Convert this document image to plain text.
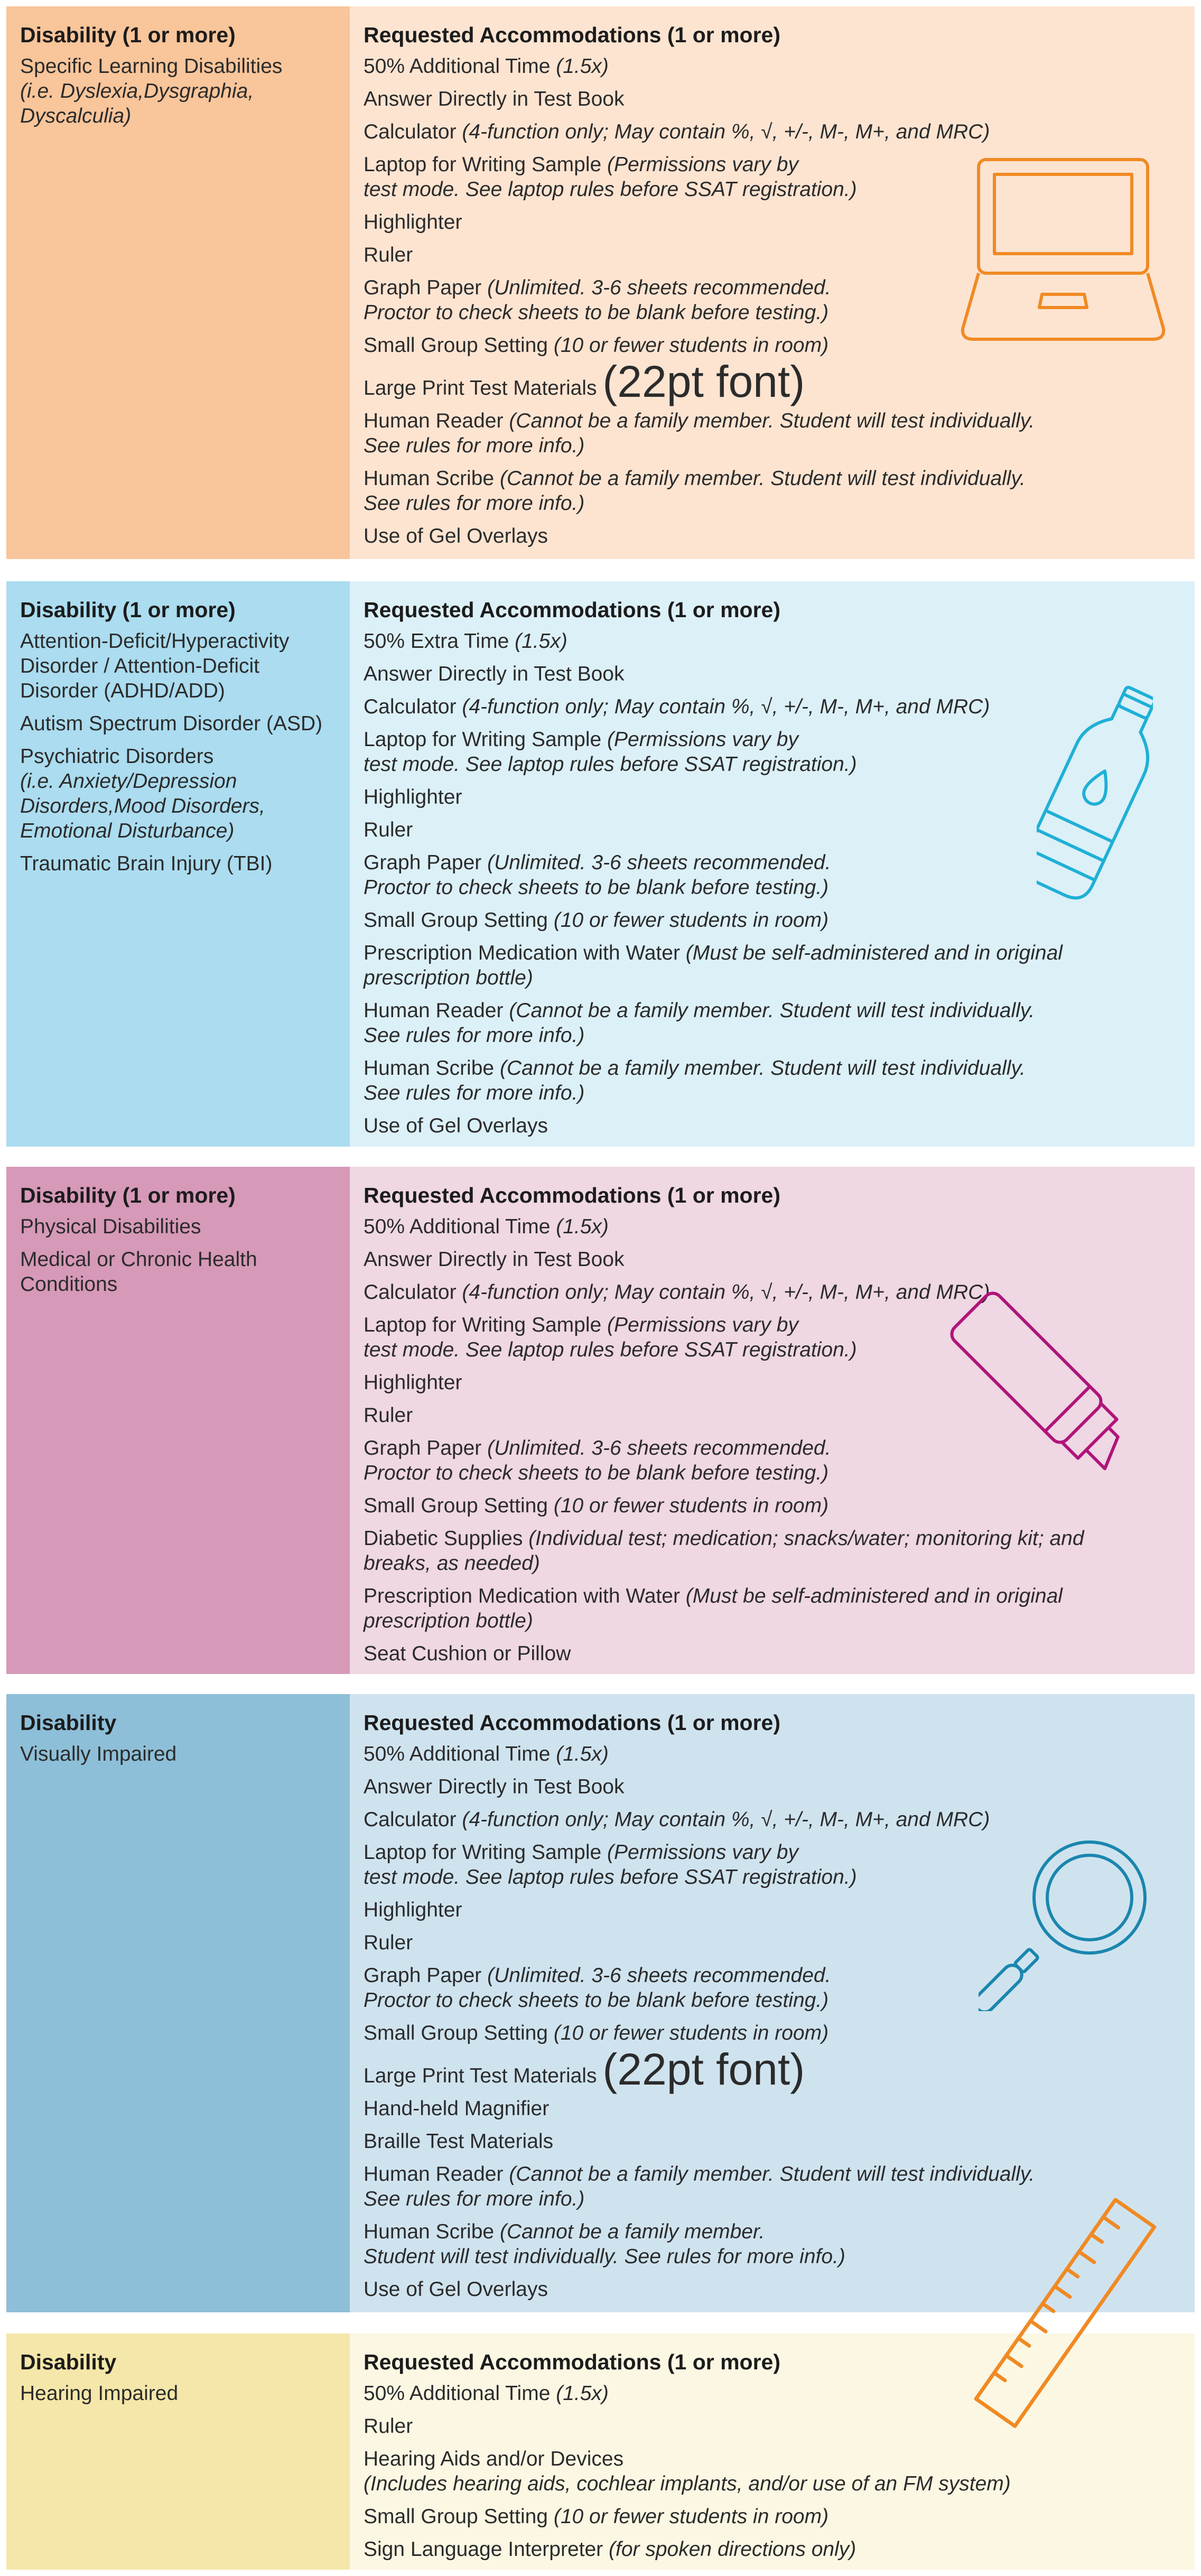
Disability (1 or more)
Specific Learning Disabilities
(i.e. Dyslexia,Dysgraphia, Dyscalculia)
Requested Accommodations (1 or more)
50% Additional Time (1.5x)
Answer Directly in Test Book
Calculator (4-function only; May contain %, √, +/-, M-, M+, and MRC)
Laptop for Writing Sample (Permissions vary by
test mode. See laptop rules before SSAT registration.)
Highlighter
Ruler
Graph Paper (Unlimited. 3-6 sheets recommended.
Proctor to check sheets to be blank before testing.)
Small Group Setting (10 or fewer students in room)
Large Print Test Materials (22pt font)
Human Reader (Cannot be a family member. Student will test individually.
See rules for more info.)
Human Scribe (Cannot be a family member. Student will test individually.
See rules for more info.)
Use of Gel Overlays
Disability (1 or more)
Attention-Deficit/Hyperactivity Disorder / Attention-Deficit Disorder (ADHD/ADD)
Autism Spectrum Disorder (ASD)
Psychiatric Disorders
(i.e. Anxiety/Depression Disorders,Mood Disorders, Emotional Disturbance)
Traumatic Brain Injury (TBI)
Requested Accommodations (1 or more)
50% Extra Time (1.5x)
Answer Directly in Test Book
Calculator (4-function only; May contain %, √, +/-, M-, M+, and MRC)
Laptop for Writing Sample (Permissions vary by
test mode. See laptop rules before SSAT registration.)
Highlighter
Ruler
Graph Paper (Unlimited. 3-6 sheets recommended.
Proctor to check sheets to be blank before testing.)
Small Group Setting (10 or fewer students in room)
Prescription Medication with Water (Must be self-administered and in original
prescription bottle)
Human Reader (Cannot be a family member. Student will test individually.
See rules for more info.)
Human Scribe (Cannot be a family member. Student will test individually.
See rules for more info.)
Use of Gel Overlays
Disability (1 or more)
Physical Disabilities
Medical or Chronic Health Conditions
Requested Accommodations (1 or more)
50% Additional Time (1.5x)
Answer Directly in Test Book
Calculator (4-function only; May contain %, √, +/-, M-, M+, and MRC)
Laptop for Writing Sample (Permissions vary by
test mode. See laptop rules before SSAT registration.)
Highlighter
Ruler
Graph Paper (Unlimited. 3-6 sheets recommended.
Proctor to check sheets to be blank before testing.)
Small Group Setting (10 or fewer students in room)
Diabetic Supplies (Individual test; medication; snacks/water; monitoring kit; and
breaks, as needed)
Prescription Medication with Water (Must be self-administered and in original
prescription bottle)
Seat Cushion or Pillow
Disability
Visually Impaired
Requested Accommodations (1 or more)
50% Additional Time (1.5x)
Answer Directly in Test Book
Calculator (4-function only; May contain %, √, +/-, M-, M+, and MRC)
Laptop for Writing Sample (Permissions vary by
test mode. See laptop rules before SSAT registration.)
Highlighter
Ruler
Graph Paper (Unlimited. 3-6 sheets recommended.
Proctor to check sheets to be blank before testing.)
Small Group Setting (10 or fewer students in room)
Large Print Test Materials (22pt font)
Hand-held Magnifier
Braille Test Materials
Human Reader (Cannot be a family member. Student will test individually.
See rules for more info.)
Human Scribe (Cannot be a family member.
Student will test individually. See rules for more info.)
Use of Gel Overlays
Disability
Hearing Impaired
Requested Accommodations (1 or more)
50% Additional Time (1.5x)
Ruler
Hearing Aids and/or Devices
(Includes hearing aids, cochlear implants, and/or use of an FM system)
Small Group Setting (10 or fewer students in room)
Sign Language Interpreter (for spoken directions only)
